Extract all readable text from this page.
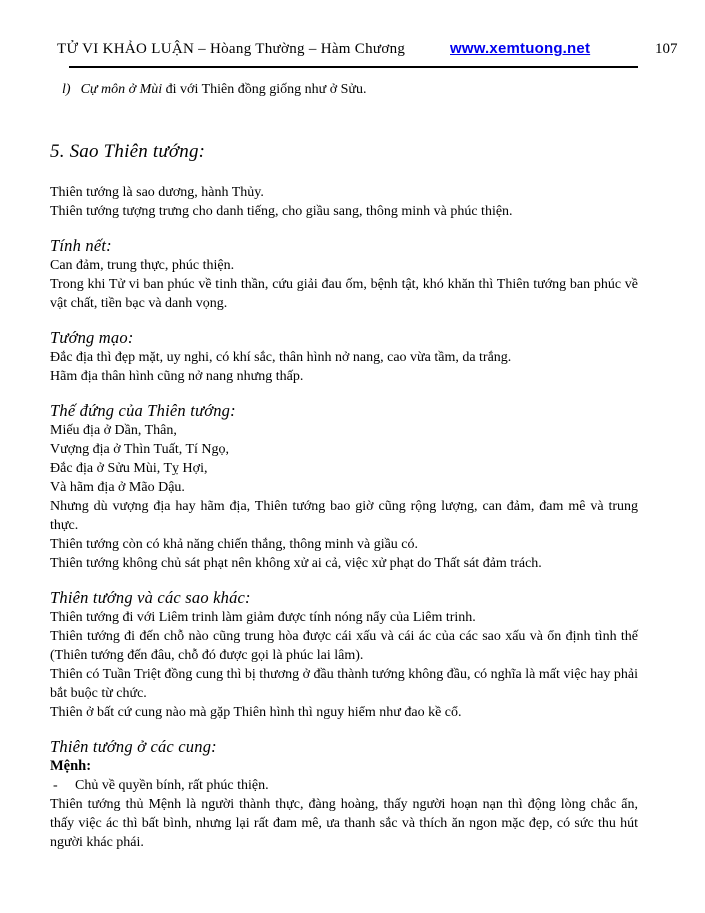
TỬ VI KHẢO LUẬN – Hòang Thường – Hàm Chương	www.xemtuong.net	107
l) Cự môn ở Mùi đi với Thiên đồng giống như ở Sửu.
5. Sao Thiên tướng:

Thiên tướng là sao dương, hành Thủy.

Thiên tướng tượng trưng cho danh tiếng, cho giầu sang, thông minh và phúc thiện.

Tính nết:

Can đảm, trung thực, phúc thiện.

Trong khi Tử vi ban phúc về tinh thần, cứu giải đau ốm, bệnh tật, khó khăn thì Thiên tướng ban phúc về vật chất, tiền bạc và danh vọng.

Tướng mạo:

Đắc địa thì đẹp mặt, uy nghi, có khí sắc, thân hình nở nang, cao vừa tầm, da trắng.

Hãm địa thân hình cũng nở nang nhưng thấp.

Thế đứng của Thiên tướng:

Miếu địa ở Dần, Thân,

Vượng địa ở Thìn Tuất, Tí Ngọ,

Đắc địa ở Sửu Mùi, Tỵ Hợi,

Và hãm địa ở Mão Dậu.

Nhưng dù vượng địa hay hãm địa, Thiên tướng bao giờ cũng rộng lượng, can đảm, đam mê và trung thực.

Thiên tướng còn có khả năng chiến thắng, thông minh và giầu có.

Thiên tướng không chủ sát phạt nên không xử ai cả, việc xử phạt do Thất sát đảm trách.

Thiên tướng và các sao khác:

Thiên tướng đi với Liêm trinh làm giảm được tính nóng nẩy của Liêm trinh.

Thiên tướng đi đến chỗ nào cũng trung hòa được cái xấu và cái ác của các sao xấu và ổn định tình thế (Thiên tướng đến đâu, chỗ đó được gọi là phúc lai lâm).

Thiên có Tuần Triệt đồng cung thì bị thương ở đầu thành tướng không đầu, có nghĩa là mất việc hay phải bắt buộc từ chức.

Thiên ở bất cứ cung nào mà gặp Thiên hình thì nguy hiểm như đao kề cổ.

Thiên tướng ở các cung:
Mệnh:
-	Chủ về quyền bính, rất phúc thiện.

Thiên tướng thủ Mệnh là người thành thực, đàng hoàng, thấy người hoạn nạn thì động lòng chắc ẩn, thấy việc ác thì bất bình, nhưng lại rất đam mê, ưa thanh sắc và thích ăn ngon mặc đẹp, có sức thu hút người khác phái.
